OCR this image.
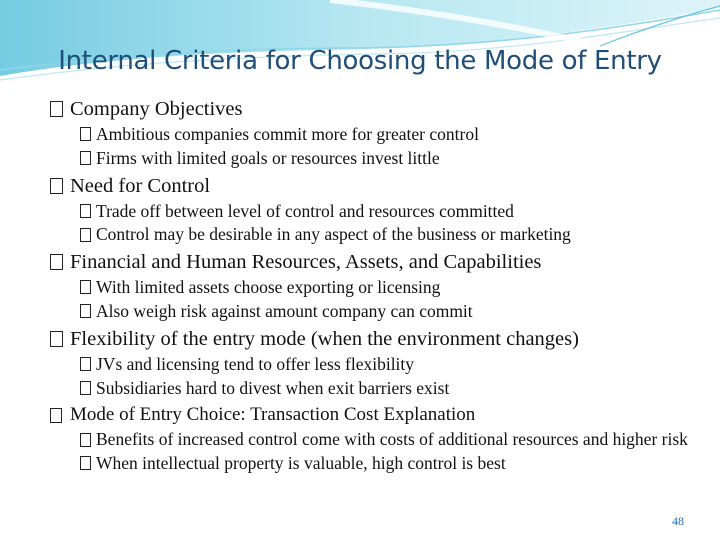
Internal Criteria for Choosing the Mode of Entry
Company Objectives
Ambitious companies commit more for greater control
Firms with limited goals or resources invest little
Need for Control
Trade off between level of control and resources committed
Control may be desirable in any aspect of the business or marketing
Financial and Human Resources, Assets, and Capabilities
With limited assets choose exporting or licensing
Also weigh risk against amount company can commit
Flexibility of the entry mode (when the environment changes)
JVs and licensing tend to offer less flexibility
Subsidiaries hard to divest when exit barriers exist
Mode of Entry Choice: Transaction Cost Explanation
Benefits of increased control come with costs of additional resources and higher risk
When intellectual property is valuable, high control is best
48
